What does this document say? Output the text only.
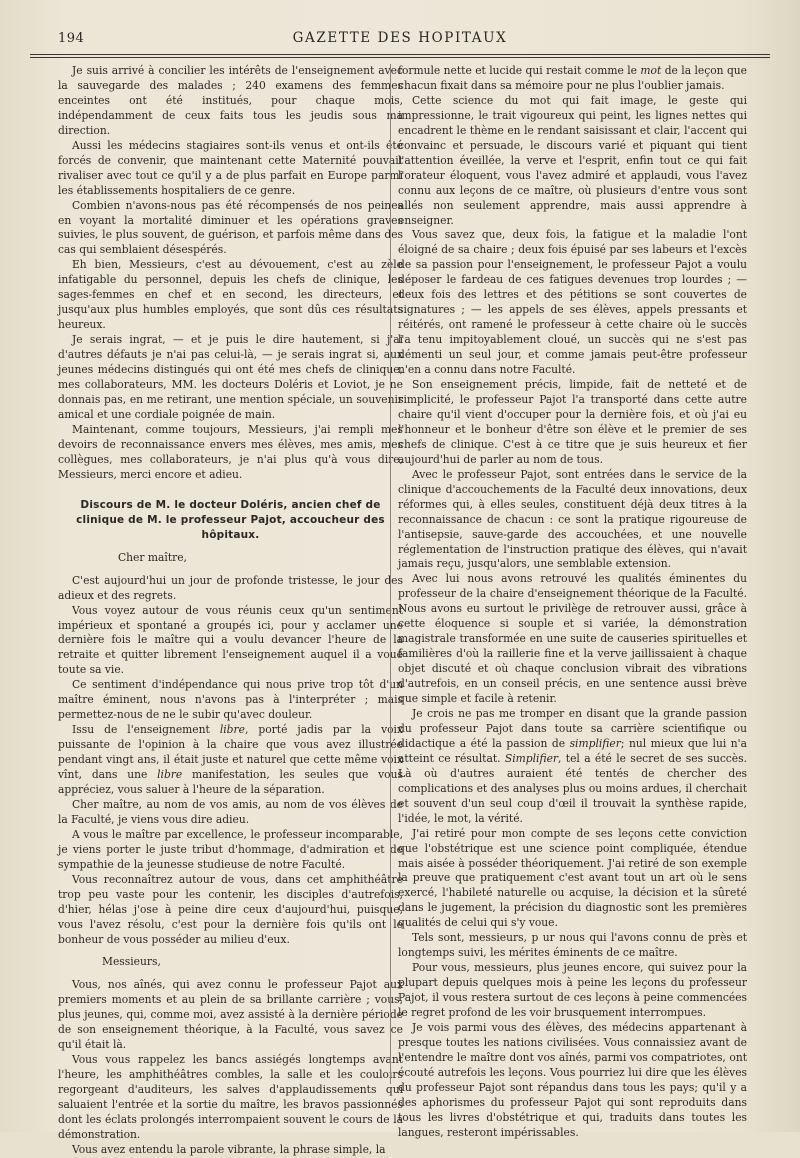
194	GAZETTE DES HOPITAUX

Je suis arrivé à concilier les intérêts de l'enseignement avec la sauvegarde des malades ; 240 examens des femmes enceintes ont été institués, pour chaque mois, indépendamment de ceux faits tous les jeudis sous ma direction.

Aussi les médecins stagiaires sont-ils venus et ont-ils été forcés de convenir, que maintenant cette Maternité pouvait rivaliser avec tout ce qu'il y a de plus parfait en Europe parmi les établissements hospitaliers de ce genre.

Combien n'avons-nous pas été récompensés de nos peines en voyant la mortalité diminuer et les opérations graves suivies, le plus souvent, de guérison, et parfois même dans des cas qui semblaient désespérés.

Eh bien, Messieurs, c'est au dévouement, c'est au zèle infatigable du personnel, depuis les chefs de clinique, les sages-femmes en chef et en second, les directeurs, et jusqu'aux plus humbles employés, que sont dûs ces résultats heureux.

Je serais ingrat, — et je puis le dire hautement, si j'ai d'autres défauts je n'ai pas celui-là, — je serais ingrat si, aux jeunes médecins distingués qui ont été mes chefs de clinique, mes collaborateurs, MM. les docteurs Doléris et Loviot, je ne donnais pas, en me retirant, une mention spéciale, un souvenir amical et une cordiale poignée de main.

Maintenant, comme toujours, Messieurs, j'ai rempli mes devoirs de reconnaissance envers mes élèves, mes amis, mes collègues, mes collaborateurs, je n'ai plus qu'à vous dire, Messieurs, merci encore et adieu.

Discours de M. le docteur Doléris, ancien chef de clinique de M. le professeur Pajot, accoucheur des hôpitaux.

Cher maître,

C'est aujourd'hui un jour de profonde tristesse, le jour des adieux et des regrets.

Vous voyez autour de vous réunis ceux qu'un sentiment impérieux et spontané a groupés ici, pour y acclamer une dernière fois le maître qui a voulu devancer l'heure de la retraite et quitter librement l'enseignement auquel il a voué toute sa vie.

Ce sentiment d'indépendance qui nous prive trop tôt d'un maître éminent, nous n'avons pas à l'interpréter ; mais permettez-nous de ne le subir qu'avec douleur.

Issu de l'enseignement libre, porté jadis par la voix puissante de l'opinion à la chaire que vous avez illustrée pendant vingt ans, il était juste et naturel que cette même voix vînt, dans une libre manifestation, les seules que vous appréciez, vous saluer à l'heure de la séparation.

Cher maître, au nom de vos amis, au nom de vos élèves de la Faculté, je viens vous dire adieu.

A vous le maître par excellence, le professeur incomparable, je viens porter le juste tribut d'hommage, d'admiration et de sympathie de la jeunesse studieuse de notre Faculté.

Vous reconnaîtrez autour de vous, dans cet amphithéâtre trop peu vaste pour les contenir, les disciples d'autrefois, d'hier, hélas j'ose à peine dire ceux d'aujourd'hui, puisque, vous l'avez résolu, c'est pour la dernière fois qu'ils ont le bonheur de vous posséder au milieu d'eux.

Messieurs,

Vous, nos aînés, qui avez connu le professeur Pajot aux premiers moments et au plein de sa brillante carrière ; vous, plus jeunes, qui, comme moi, avez assisté à la dernière période de son enseignement théorique, à la Faculté, vous savez ce qu'il était là.

Vous vous rappelez les bancs assiégés longtemps avant l'heure, les amphithéâtres combles, la salle et les couloirs regorgeant d'auditeurs, les salves d'applaudissements qui saluaient l'entrée et la sortie du maître, les bravos passionnés dont les éclats prolongés interrompaient souvent le cours de la démonstration.

Vous avez entendu la parole vibrante, la phrase simple, la

formule nette et lucide qui restait comme le mot de la leçon que chacun fixait dans sa mémoire pour ne plus l'oublier jamais.

Cette science du mot qui fait image, le geste qui impressionne, le trait vigoureux qui peint, les lignes nettes qui encadrent le thème en le rendant saisissant et clair, l'accent qui convainc et persuade, le discours varié et piquant qui tient l'attention éveillée, la verve et l'esprit, enfin tout ce qui fait l'orateur éloquent, vous l'avez admiré et applaudi, vous l'avez connu aux leçons de ce maître, où plusieurs d'entre vous sont allés non seulement apprendre, mais aussi apprendre à enseigner.

Vous savez que, deux fois, la fatigue et la maladie l'ont éloigné de sa chaire ; deux fois épuisé par ses labeurs et l'excès de sa passion pour l'enseignement, le professeur Pajot a voulu déposer le fardeau de ces fatigues devenues trop lourdes ; — deux fois des lettres et des pétitions se sont couvertes de signatures ; — les appels de ses élèves, appels pressants et réitérés, ont ramené le professeur à cette chaire où le succès l'a tenu impitoyablement cloué, un succès qui ne s'est pas démenti un seul jour, et comme jamais peut-être professeur n'en a connu dans notre Faculté.

Son enseignement précis, limpide, fait de netteté et de simplicité, le professeur Pajot l'a transporté dans cette autre chaire qu'il vient d'occuper pour la dernière fois, et où j'ai eu l'honneur et le bonheur d'être son élève et le premier de ses chefs de clinique. C'est à ce titre que je suis heureux et fier aujourd'hui de parler au nom de tous.

Avec le professeur Pajot, sont entrées dans le service de la clinique d'accouchements de la Faculté deux innovations, deux réformes qui, à elles seules, constituent déjà deux titres à la reconnaissance de chacun : ce sont la pratique rigoureuse de l'antisepsie, sauve-garde des accouchées, et une nouvelle réglementation de l'instruction pratique des élèves, qui n'avait jamais reçu, jusqu'alors, une semblable extension.

Avec lui nous avons retrouvé les qualités éminentes du professeur de la chaire d'enseignement théorique de la Faculté. Nous avons eu surtout le privilège de retrouver aussi, grâce à cette éloquence si souple et si variée, la démonstration magistrale transformée en une suite de causeries spirituelles et familières d'où la raillerie fine et la verve jaillissaient à chaque objet discuté et où chaque conclusion vibrait des vibrations d'autrefois, en un conseil précis, en une sentence aussi brève que simple et facile à retenir.

Je crois ne pas me tromper en disant que la grande passion du professeur Pajot dans toute sa carrière scientifique ou didactique a été la passion de simplifier; nul mieux que lui n'a atteint ce résultat. Simplifier, tel a été le secret de ses succès. Là où d'autres auraient été tentés de chercher des complications et des analyses plus ou moins ardues, il cherchait et souvent d'un seul coup d'œil il trouvait la synthèse rapide, l'idée, le mot, la vérité.

J'ai retiré pour mon compte de ses leçons cette conviction que l'obstétrique est une science point compliquée, étendue mais aisée à posséder théoriquement. J'ai retiré de son exemple la preuve que pratiquement c'est avant tout un art où le sens exercé, l'habileté naturelle ou acquise, la décision et la sûreté dans le jugement, la précision du diagnostic sont les premières qualités de celui qui s'y voue.

Tels sont, messieurs, p ur nous qui l'avons connu de près et longtemps suivi, les mérites éminents de ce maître.

Pour vous, messieurs, plus jeunes encore, qui suivez pour la plupart depuis quelques mois à peine les leçons du professeur Pajot, il vous restera surtout de ces leçons à peine commencées le regret profond de les voir brusquement interrompues.

Je vois parmi vous des élèves, des médecins appartenant à presque toutes les nations civilisées. Vous connaissiez avant de l'entendre le maître dont vos aînés, parmi vos compatriotes, ont écouté autrefois les leçons. Vous pourriez lui dire que les élèves du professeur Pajot sont répandus dans tous les pays; qu'il y a des aphorismes du professeur Pajot qui sont reproduits dans tous les livres d'obstétrique et qui, traduits dans toutes les langues, resteront impérissables.
